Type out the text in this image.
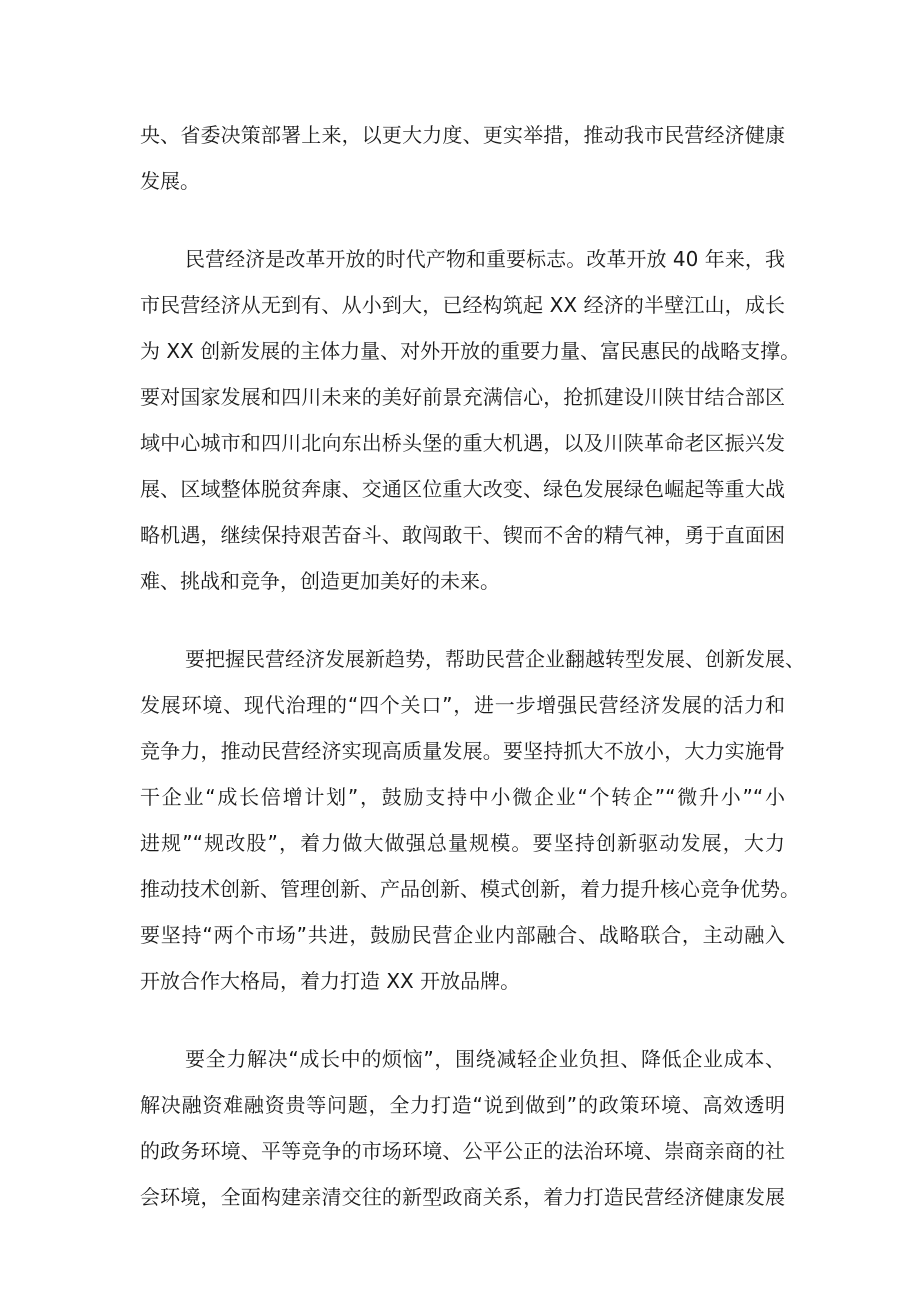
央、省委决策部署上来，以更大力度、更实举措，推动我市民营经济健康
发展。
民营经济是改革开放的时代产物和重要标志。改革开放 40 年来，我
市民营经济从无到有、从小到大，已经构筑起 XX 经济的半壁江山，成长
为 XX 创新发展的主体力量、对外开放的重要力量、富民惠民的战略支撑。
要对国家发展和四川未来的美好前景充满信心，抢抓建设川陕甘结合部区
域中心城市和四川北向东出桥头堡的重大机遇，以及川陕革命老区振兴发
展、区域整体脱贫奔康、交通区位重大改变、绿色发展绿色崛起等重大战
略机遇，继续保持艰苦奋斗、敢闯敢干、锲而不舍的精气神，勇于直面困
难、挑战和竞争，创造更加美好的未来。
要把握民营经济发展新趋势，帮助民营企业翻越转型发展、创新发展、
发展环境、现代治理的“四个关口”，进一步增强民营经济发展的活力和
竞争力，推动民营经济实现高质量发展。要坚持抓大不放小，大力实施骨
干企业“成长倍增计划”，鼓励支持中小微企业“个转企”“微升小”“小
进规”“规改股”，着力做大做强总量规模。要坚持创新驱动发展，大力
推动技术创新、管理创新、产品创新、模式创新，着力提升核心竞争优势。
要坚持“两个市场”共进，鼓励民营企业内部融合、战略联合，主动融入
开放合作大格局，着力打造 XX 开放品牌。
要全力解决“成长中的烦恼”，围绕减轻企业负担、降低企业成本、
解决融资难融资贵等问题，全力打造“说到做到”的政策环境、高效透明
的政务环境、平等竞争的市场环境、公平公正的法治环境、崇商亲商的社
会环境，全面构建亲清交往的新型政商关系，着力打造民营经济健康发展
